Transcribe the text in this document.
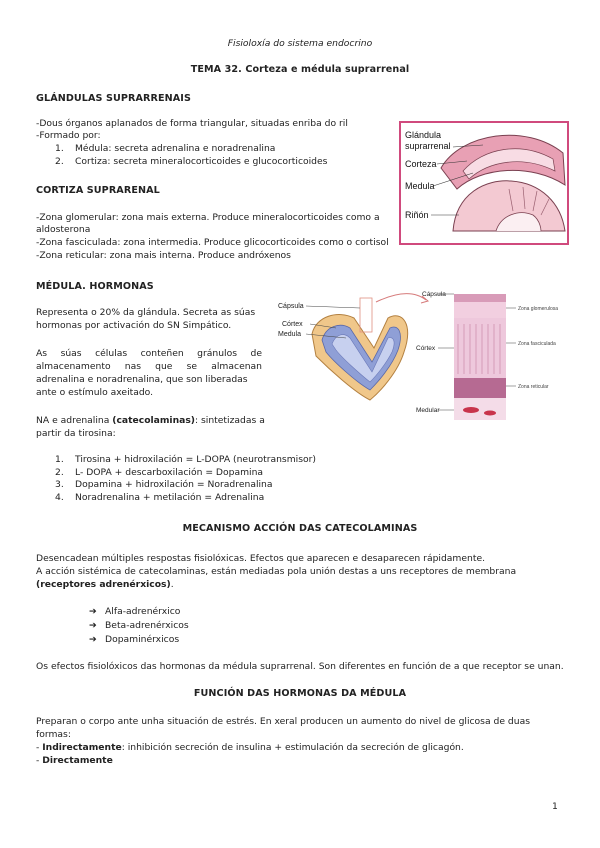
Fisioloxía do sistema endocrino
TEMA 32. Corteza e médula suprarrenal
GLÁNDULAS SUPRARRENAIS
-Dous órganos aplanados de forma triangular, situadas enriba do ril
-Formado por:
1. Médula: secreta adrenalina e noradrenalina
2. Cortiza: secreta mineralocorticoides e glucocorticoides
Glándula
suprarrenal
Corteza
Medula
Riñón
CORTIZA SUPRARENAL
-Zona glomerular: zona mais externa. Produce mineralocorticoides como a
aldosterona
-Zona fasciculada: zona intermedia. Produce glicocorticoides como o cortisol
-Zona reticular: zona mais interna. Produce andróxenos
MÉDULA. HORMONAS
Representa o 20% da glándula. Secreta as súas
hormonas por activación do SN Simpático.
As súas células conteñen gránulos de
almacenamento nas que se almacenan
adrenalina e noradrenalina, que son liberadas
ante o estímulo axeitado.
NA e adrenalina (catecolaminas): sintetizadas a
partir da tirosina:
1. Tirosina + hidroxilación = L-DOPA (neurotransmisor)
2. L- DOPA + descarboxilación = Dopamina
3. Dopamina + hidroxilación = Noradrenalina
4. Noradrenalina + metilación = Adrenalina
Cápsula
Córtex
Medula
Cápsula
Córtex
Medular
Zona glomerulosa
Zona fasciculada
Zona reticular
MECANISMO ACCIÓN DAS CATECOLAMINAS
Desencadean múltiples respostas fisiolóxicas. Efectos que aparecen e desaparecen rápidamente.
A acción sistémica de catecolaminas, están mediadas pola unión destas a uns receptores de membrana
(receptores adrenérxicos).
➔ Alfa-adrenérxico
➔ Beta-adrenérxicos
➔ Dopaminérxicos
Os efectos fisiolóxicos das hormonas da médula suprarrenal. Son diferentes en función de a que receptor se unan.
FUNCIÓN DAS HORMONAS DA MÉDULA
Preparan o corpo ante unha situación de estrés. En xeral producen un aumento do nivel de glicosa de duas
formas:
- Indirectamente: inhibición secreción de insulina + estimulación da secreción de glicagón.
- Directamente
1
